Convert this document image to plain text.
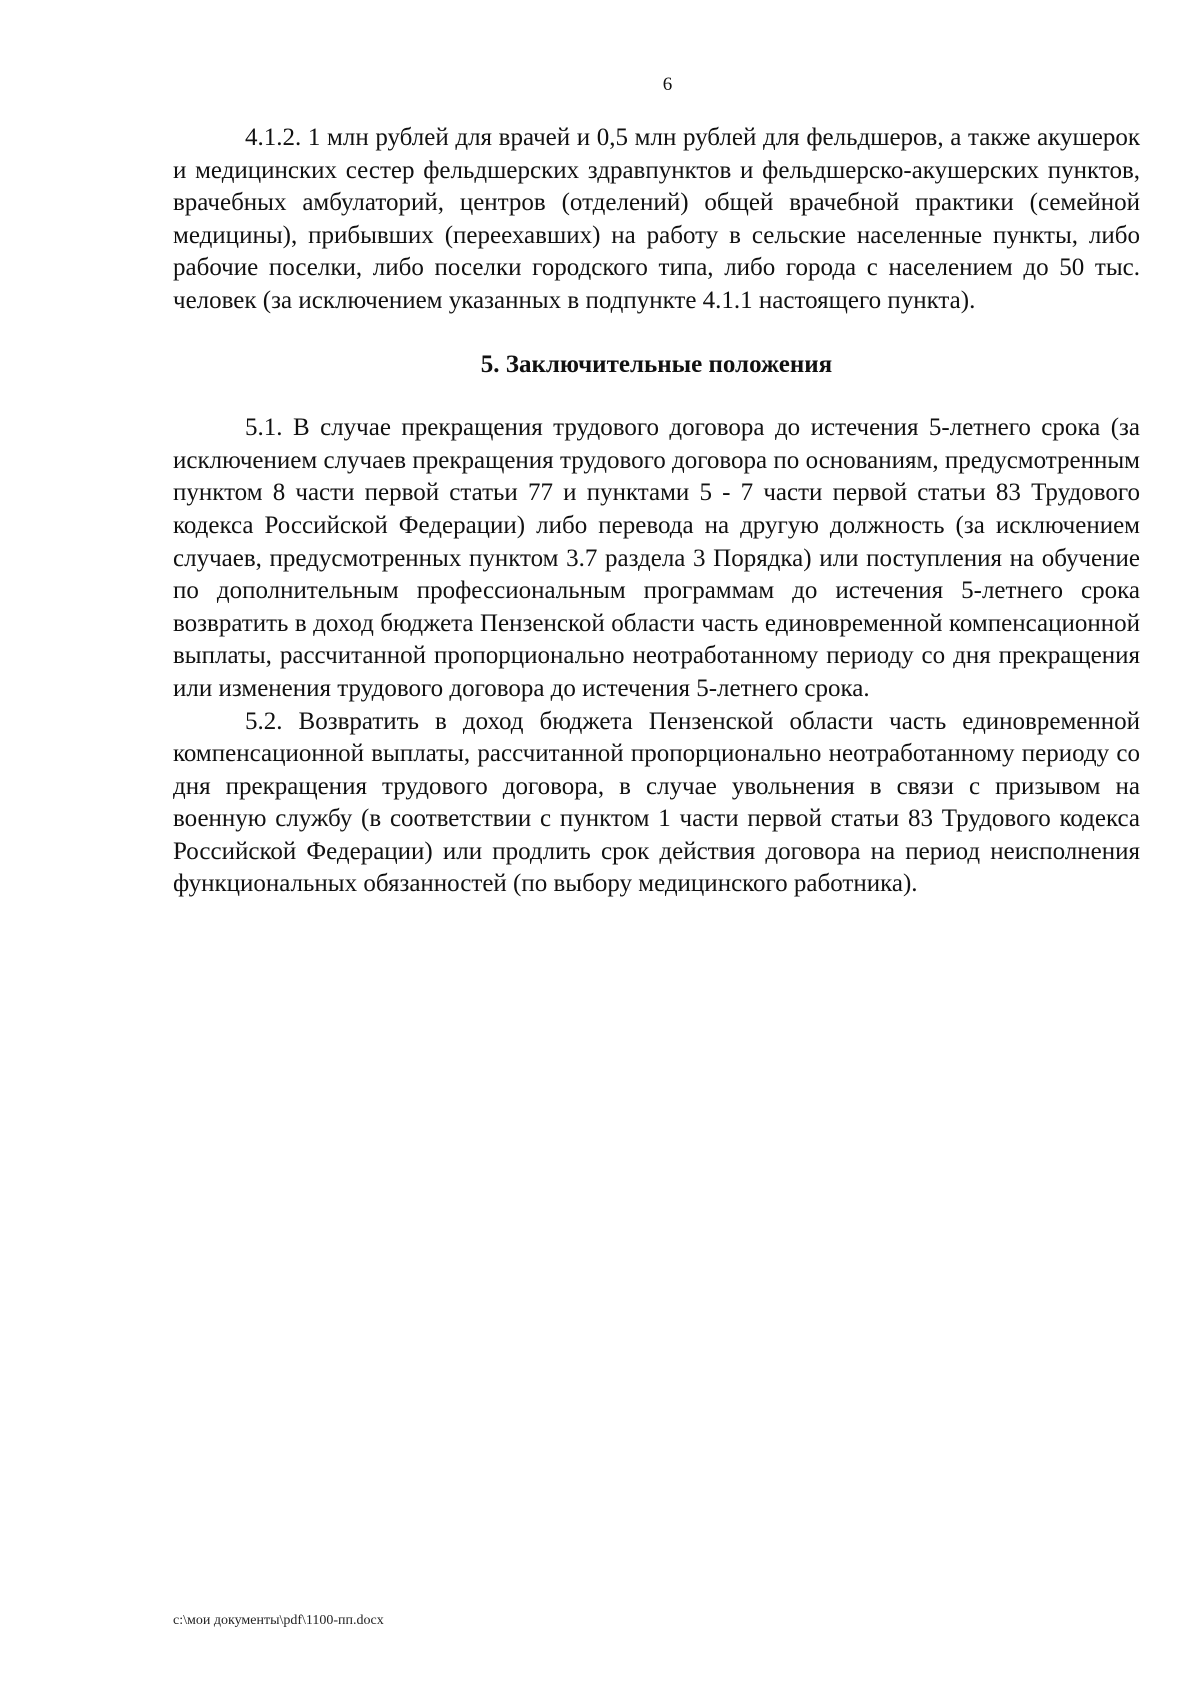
6

4.1.2. 1 млн рублей для врачей и 0,5 млн рублей для фельдшеров, а также акушерок и медицинских сестер фельдшерских здравпунктов и фельдшерско-акушерских пунктов, врачебных амбулаторий, центров (отделений) общей врачебной практики (семейной медицины), прибывших (переехавших) на работу в сельские населенные пункты, либо рабочие поселки, либо поселки городского типа, либо города с населением до 50 тыс. человек (за исключением указанных в подпункте 4.1.1 настоящего пункта).

5. Заключительные положения

5.1. В случае прекращения трудового договора до истечения 5-летнего срока (за исключением случаев прекращения трудового договора по основаниям, предусмотренным пунктом 8 части первой статьи 77 и пунктами 5 - 7 части первой статьи 83 Трудового кодекса Российской Федерации) либо перевода на другую должность (за исключением случаев, предусмотренных пунктом 3.7 раздела 3 Порядка) или поступления на обучение по дополнительным профессиональным программам до истечения 5-летнего срока возвратить в доход бюджета Пензенской области часть единовременной компенсационной выплаты, рассчитанной пропорционально неотработанному периоду со дня прекращения или изменения трудового договора до истечения 5-летнего срока.

5.2. Возвратить в доход бюджета Пензенской области часть единовременной компенсационной выплаты, рассчитанной пропорционально неотработанному периоду со дня прекращения трудового договора, в случае увольнения в связи с призывом на военную службу (в соответствии с пунктом 1 части первой статьи 83 Трудового кодекса Российской Федерации) или продлить срок действия договора на период неисполнения функциональных обязанностей (по выбору медицинского работника).

c:\мои документы\pdf\1100-пп.docx
